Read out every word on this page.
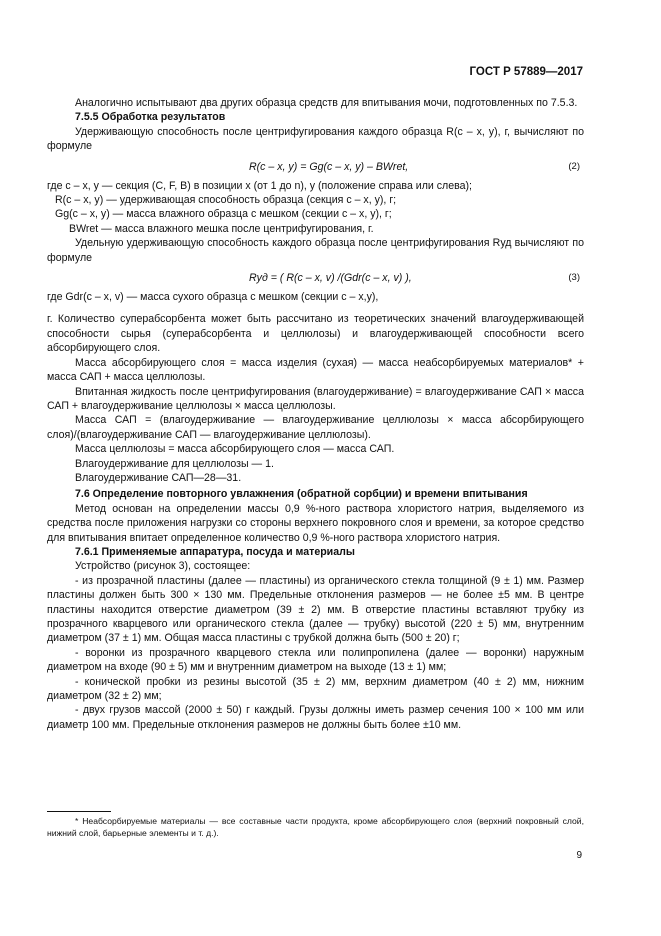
ГОСТ Р 57889—2017

Аналогично испытывают два других образца средств для впитывания мочи, подготовленных по 7.5.3.

7.5.5 Обработка результатов

Удерживающую способность после центрифугирования каждого образца R(c – x, y), г, вычисляют по формуле

R(c – x, y) = Gg(c – x, y) – BWret,	(2)

где c – x, y — секция (C, F, B) в позиции x (от 1 до n), y (положение справа или слева);

R(c – x, y) — удерживающая способность образца (секция c – x, y), г;

Gg(c – x, y) — масса влажного образца с мешком (секции c – x, y), г;

BWret — масса влажного мешка после центрифугирования, г.

Удельную удерживающую способность каждого образца после центрифугирования Rуд вычисляют по формуле

Rуд = ( R(c – x, v) /(Gdr(c – x, v) ),	(3)

где Gdr(c – x, v) — масса сухого образца с мешком (секции c – x,y),

г. Количество суперабсорбента может быть рассчитано из теоретических значений влагоудерживающей способности сырья (суперабсорбента и целлюлозы) и влагоудерживающей способности всего абсорбирующего слоя.

Масса абсорбирующего слоя = масса изделия (сухая) — масса неабсорбируемых материалов* + масса САП + масса целлюлозы.

Впитанная жидкость после центрифугирования (влагоудерживание) = влагоудерживание САП × масса САП + влагоудерживание целлюлозы × масса целлюлозы.

Масса САП = (влагоудерживание — влагоудерживание целлюлозы × масса абсорбирующего слоя)/(влагоудерживание САП — влагоудерживание целлюлозы).

Масса целлюлозы = масса абсорбирующего слоя — масса САП.

Влагоудерживание для целлюлозы — 1.

Влагоудерживание САП—28—31.

7.6 Определение повторного увлажнения (обратной сорбции) и времени впитывания

Метод основан на определении массы 0,9 %-ного раствора хлористого натрия, выделяемого из средства после приложения нагрузки со стороны верхнего покровного слоя и времени, за которое средство для впитывания впитает определенное количество 0,9 %-ного раствора хлористого натрия.

7.6.1 Применяемые аппаратура, посуда и материалы

Устройство (рисунок 3), состоящее:

- из прозрачной пластины (далее — пластины) из органического стекла толщиной (9 ± 1) мм. Размер пластины должен быть 300 × 130 мм. Предельные отклонения размеров — не более ±5 мм. В центре пластины находится отверстие диаметром (39 ± 2) мм. В отверстие пластины вставляют трубку из прозрачного кварцевого или органического стекла (далее — трубку) высотой (220 ± 5) мм, внутренним диаметром (37 ± 1) мм. Общая масса пластины с трубкой должна быть (500 ± 20) г;

- воронки из прозрачного кварцевого стекла или полипропилена (далее — воронки) наружным диаметром на входе (90 ± 5) мм и внутренним диаметром на выходе (13 ± 1) мм;

- конической пробки из резины высотой (35 ± 2) мм, верхним диаметром (40 ± 2) мм, нижним диаметром (32 ± 2) мм;

- двух грузов массой (2000 ± 50) г каждый. Грузы должны иметь размер сечения 100 × 100 мм или диаметр 100 мм. Предельные отклонения размеров не должны быть более ±10 мм.

* Неабсорбируемые материалы — все составные части продукта, кроме абсорбирующего слоя (верхний покровный слой, нижний слой, барьерные элементы и т. д.).
9
